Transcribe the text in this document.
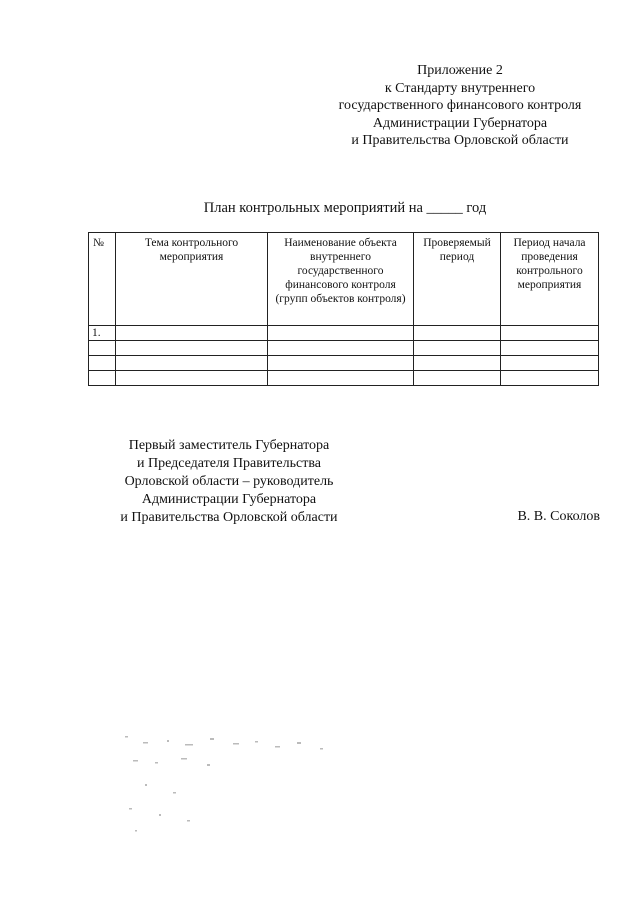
Приложение 2
к Стандарту внутреннего
государственного финансового контроля
Администрации Губернатора
и Правительства Орловской области
План контрольных мероприятий на _____ год
№	Тема контрольного мероприятия	Наименование объекта внутреннего государственного финансового контроля (групп объектов контроля)	Проверяемый период	Период начала проведения контрольного мероприятия
1.				

Первый заместитель Губернатора
и Председателя Правительства
Орловской области – руководитель
Администрации Губернатора
и Правительства Орловской области	В. В. Соколов
